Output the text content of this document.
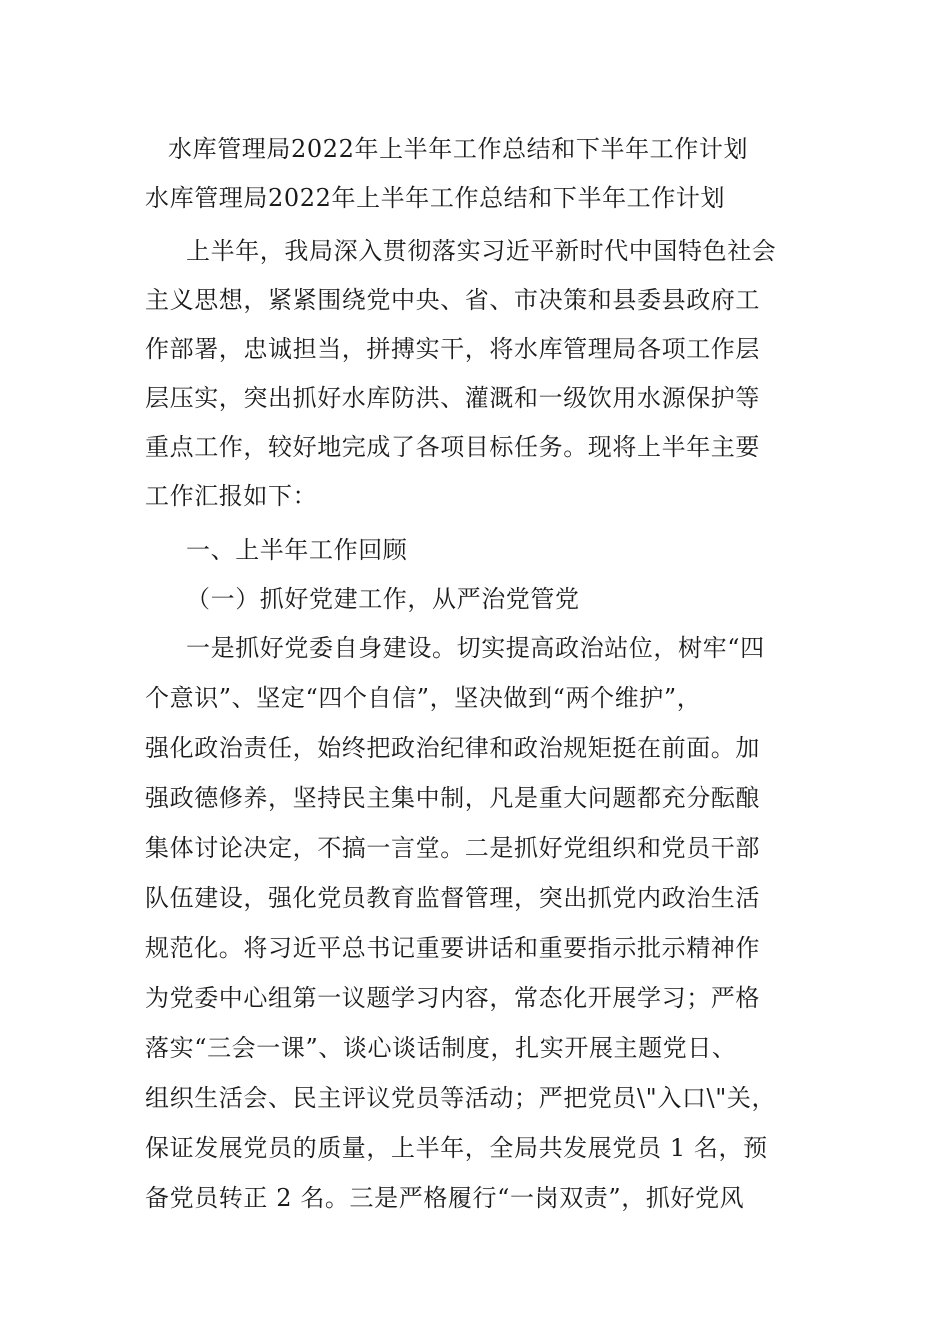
水库管理局2022年上半年工作总结和下半年工作计划
水库管理局2022年上半年工作总结和下半年工作计划
上半年，我局深入贯彻落实习近平新时代中国特色社会
主义思想，紧紧围绕党中央、省、市决策和县委县政府工
作部署，忠诚担当，拼搏实干，将水库管理局各项工作层
层压实，突出抓好水库防洪、灌溉和一级饮用水源保护等
重点工作，较好地完成了各项目标任务。现将上半年主要
工作汇报如下：
一、上半年工作回顾
（一）抓好党建工作，从严治党管党
一是抓好党委自身建设。切实提高政治站位，树牢“四
个意识”、坚定“四个自信”，坚决做到“两个维护”，
强化政治责任，始终把政治纪律和政治规矩挺在前面。加
强政德修养，坚持民主集中制，凡是重大问题都充分酝酿
集体讨论决定，不搞一言堂。二是抓好党组织和党员干部
队伍建设，强化党员教育监督管理，突出抓党内政治生活
规范化。将习近平总书记重要讲话和重要指示批示精神作
为党委中心组第一议题学习内容，常态化开展学习；严格
落实“三会一课”、谈心谈话制度，扎实开展主题党日、
组织生活会、民主评议党员等活动；严把党员\"入口\"关，
保证发展党员的质量，上半年，全局共发展党员 1 名，预
备党员转正 2 名。三是严格履行“一岗双责”，抓好党风
